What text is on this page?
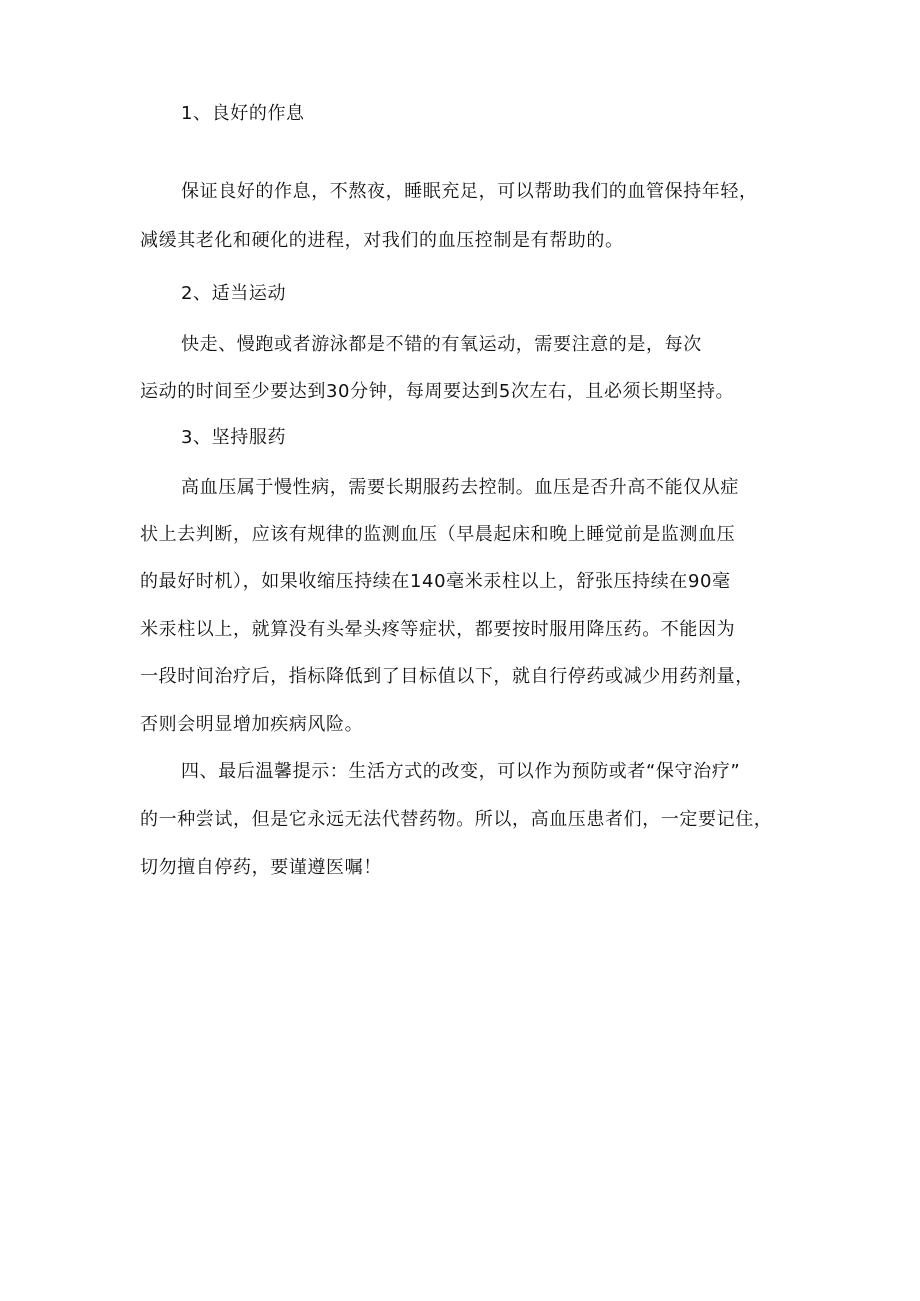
1、良好的作息
保证良好的作息，不熬夜，睡眠充足，可以帮助我们的血管保持年轻，
减缓其老化和硬化的进程，对我们的血压控制是有帮助的。
2、适当运动
快走、慢跑或者游泳都是不错的有氧运动，需要注意的是，每次
运动的时间至少要达到30分钟，每周要达到5次左右，且必须长期坚持。
3、坚持服药
高血压属于慢性病，需要长期服药去控制。血压是否升高不能仅从症
状上去判断，应该有规律的监测血压（早晨起床和晚上睡觉前是监测血压
的最好时机），如果收缩压持续在140毫米汞柱以上，舒张压持续在90毫
米汞柱以上，就算没有头晕头疼等症状，都要按时服用降压药。不能因为
一段时间治疗后，指标降低到了目标值以下，就自行停药或减少用药剂量，
否则会明显增加疾病风险。
四、最后温馨提示：生活方式的改变，可以作为预防或者“保守治疗”
的一种尝试，但是它永远无法代替药物。所以，高血压患者们，一定要记住，
切勿擅自停药，要谨遵医嘱！
